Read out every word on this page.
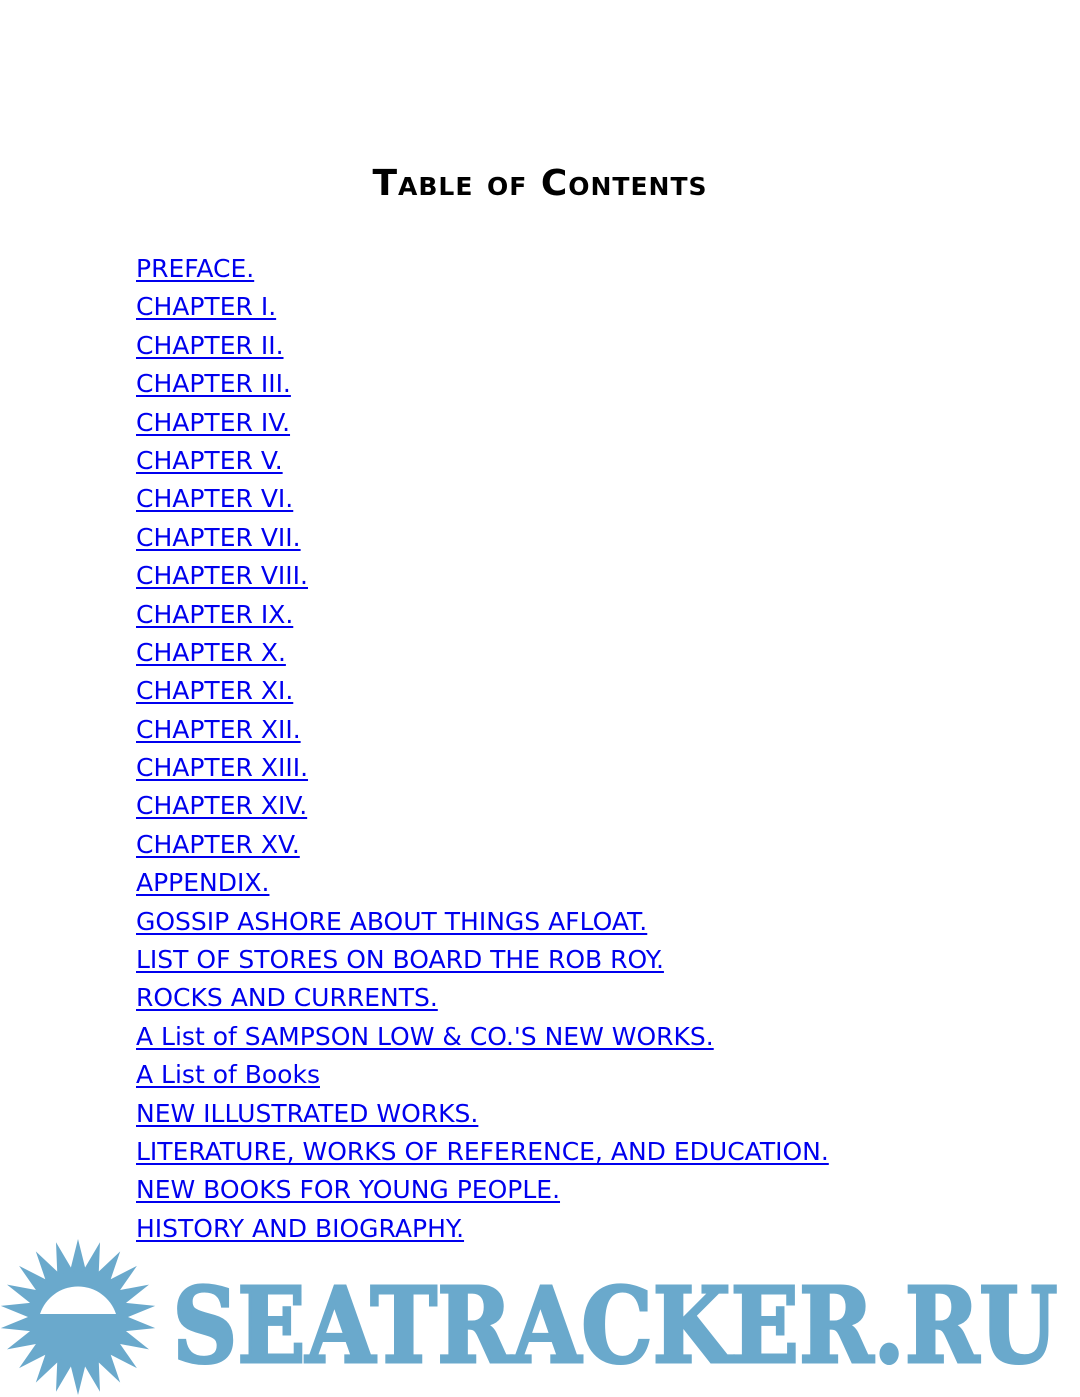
Table of Contents
PREFACE.
CHAPTER I.
CHAPTER II.
CHAPTER III.
CHAPTER IV.
CHAPTER V.
CHAPTER VI.
CHAPTER VII.
CHAPTER VIII.
CHAPTER IX.
CHAPTER X.
CHAPTER XI.
CHAPTER XII.
CHAPTER XIII.
CHAPTER XIV.
CHAPTER XV.
APPENDIX.
GOSSIP ASHORE ABOUT THINGS AFLOAT.
LIST OF STORES ON BOARD THE ROB ROY.
ROCKS AND CURRENTS.
A List of SAMPSON LOW & CO.'S NEW WORKS.
A List of Books
NEW ILLUSTRATED WORKS.
LITERATURE, WORKS OF REFERENCE, AND EDUCATION.
NEW BOOKS FOR YOUNG PEOPLE.
HISTORY AND BIOGRAPHY.
SEATRACKER.RU
